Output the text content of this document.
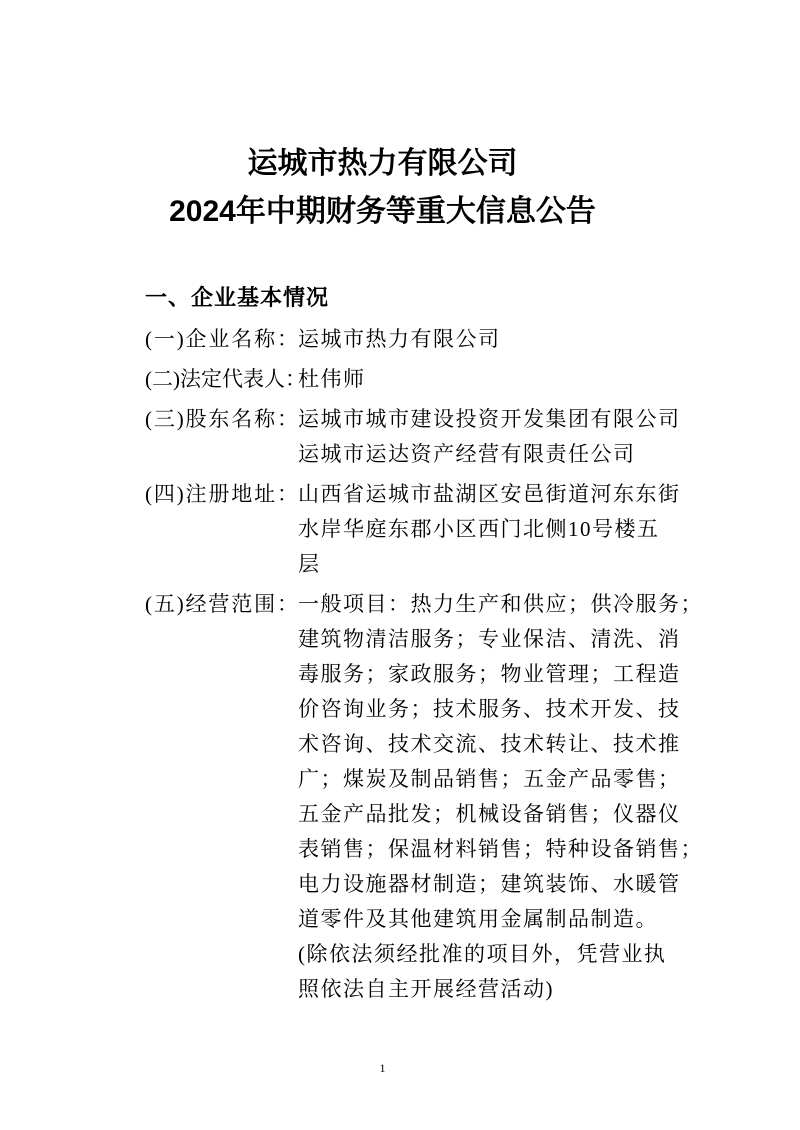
运城市热力有限公司
2024年中期财务等重大信息公告
一、企业基本情况
(一)企业名称： 运城市热力有限公司
(二)法定代表人：
杜伟师
(三)股东名称： 运城市城市建设投资开发集团有限公司
运城市运达资产经营有限责任公司
(四)注册地址： 山西省运城市盐湖区安邑街道河东东街
水岸华庭东郡小区西门北侧10号楼五
层
(五)经营范围： 一般项目：热力生产和供应；供冷服务；
建筑物清洁服务；专业保洁、清洗、消
毒服务；家政服务；物业管理；工程造
价咨询业务；技术服务、技术开发、技
术咨询、技术交流、技术转让、技术推
广；煤炭及制品销售；五金产品零售；
五金产品批发；机械设备销售；仪器仪
表销售；保温材料销售；特种设备销售；
电力设施器材制造；建筑装饰、水暖管
道零件及其他建筑用金属制品制造。
(除依法须经批准的项目外，凭营业执
照依法自主开展经营活动)
1
